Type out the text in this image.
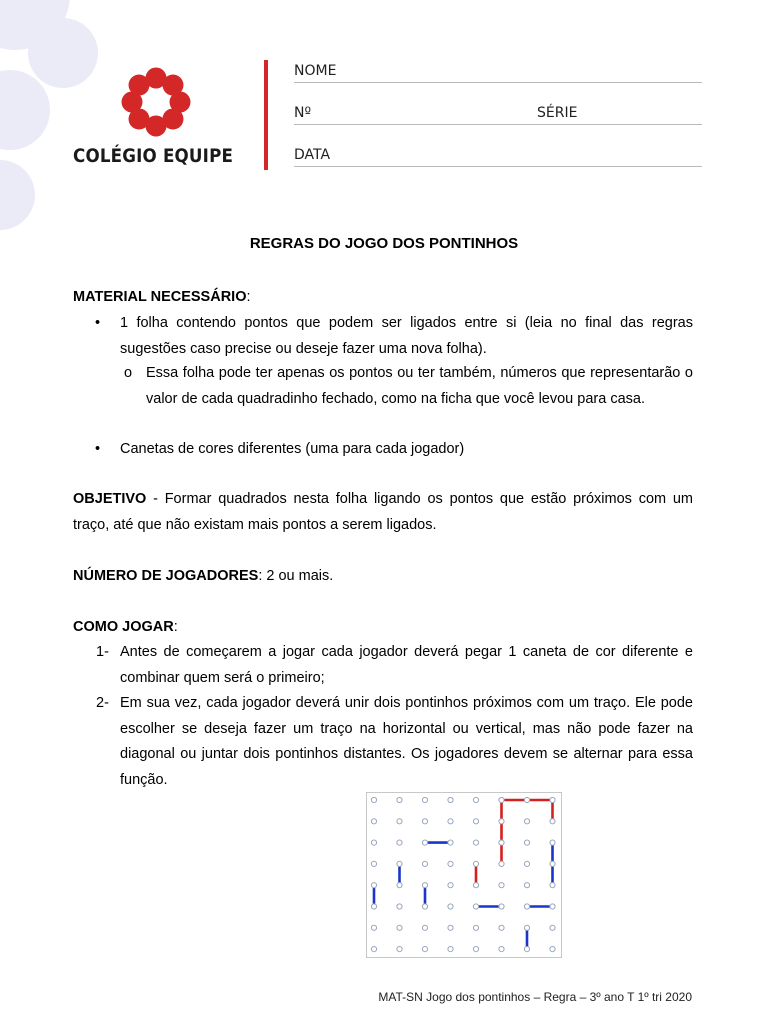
COLÉGIO EQUIPE
NOME
Nº	SÉRIE
DATA
REGRAS DO JOGO DOS PONTINHOS
MATERIAL NECESSÁRIO:
• 1 folha contendo pontos que podem ser ligados entre si (leia no final das regras sugestões caso precise ou deseje fazer uma nova folha).
o Essa folha pode ter apenas os pontos ou ter também, números que representarão o valor de cada quadradinho fechado, como na ficha que você levou para casa.
• Canetas de cores diferentes (uma para cada jogador)
OBJETIVO - Formar quadrados nesta folha ligando os pontos que estão próximos com um traço, até que não existam mais pontos a serem ligados.
NÚMERO DE JOGADORES: 2 ou mais.
COMO JOGAR:
1- Antes de começarem a jogar cada jogador deverá pegar 1 caneta de cor diferente e combinar quem será o primeiro;
2- Em sua vez, cada jogador deverá unir dois pontinhos próximos com um traço. Ele pode escolher se deseja fazer um traço na horizontal ou vertical, mas não pode fazer na diagonal ou juntar dois pontinhos distantes. Os jogadores devem se alternar para essa função.
MAT-SN Jogo dos pontinhos – Regra – 3º ano T 1º tri 2020
